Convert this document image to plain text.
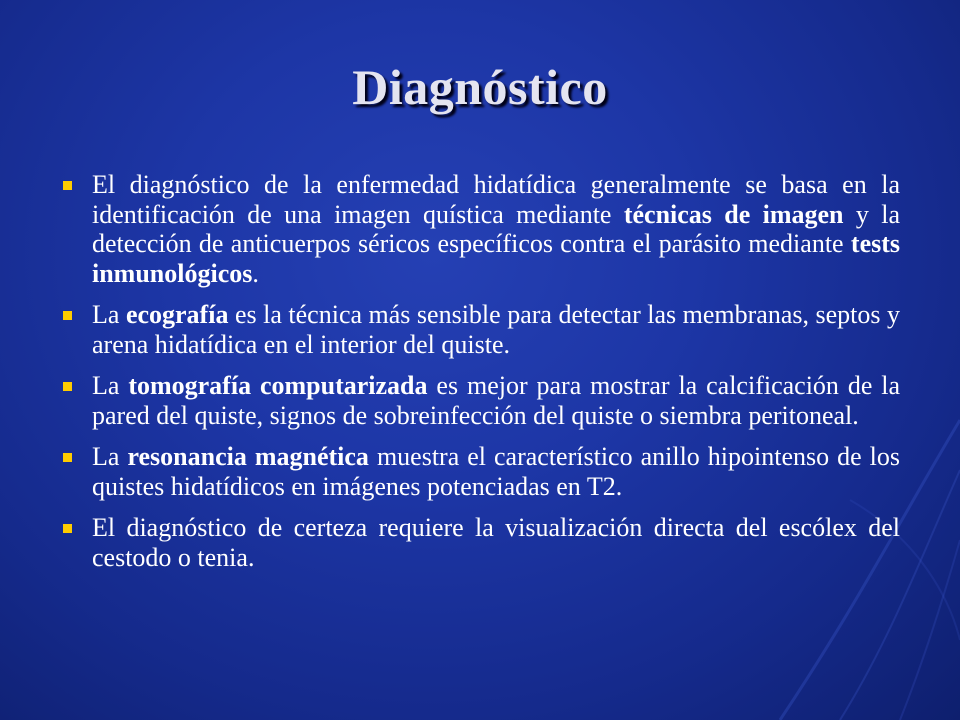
Diagnóstico
El diagnóstico de la enfermedad hidatídica generalmente se basa en la identificación de una imagen quística mediante técnicas de imagen y la detección de anticuerpos séricos específicos contra el parásito mediante tests inmunológicos.
La ecografía es la técnica más sensible para detectar las membranas, septos y arena hidatídica en el interior del quiste.
La tomografía computarizada es mejor para mostrar la calcificación de la pared del quiste, signos de sobreinfección del quiste o siembra peritoneal.
La resonancia magnética muestra el característico anillo hipointenso de los quistes hidatídicos en imágenes potenciadas en T2.
El diagnóstico de certeza requiere la visualización directa del escólex del cestodo o tenia.
